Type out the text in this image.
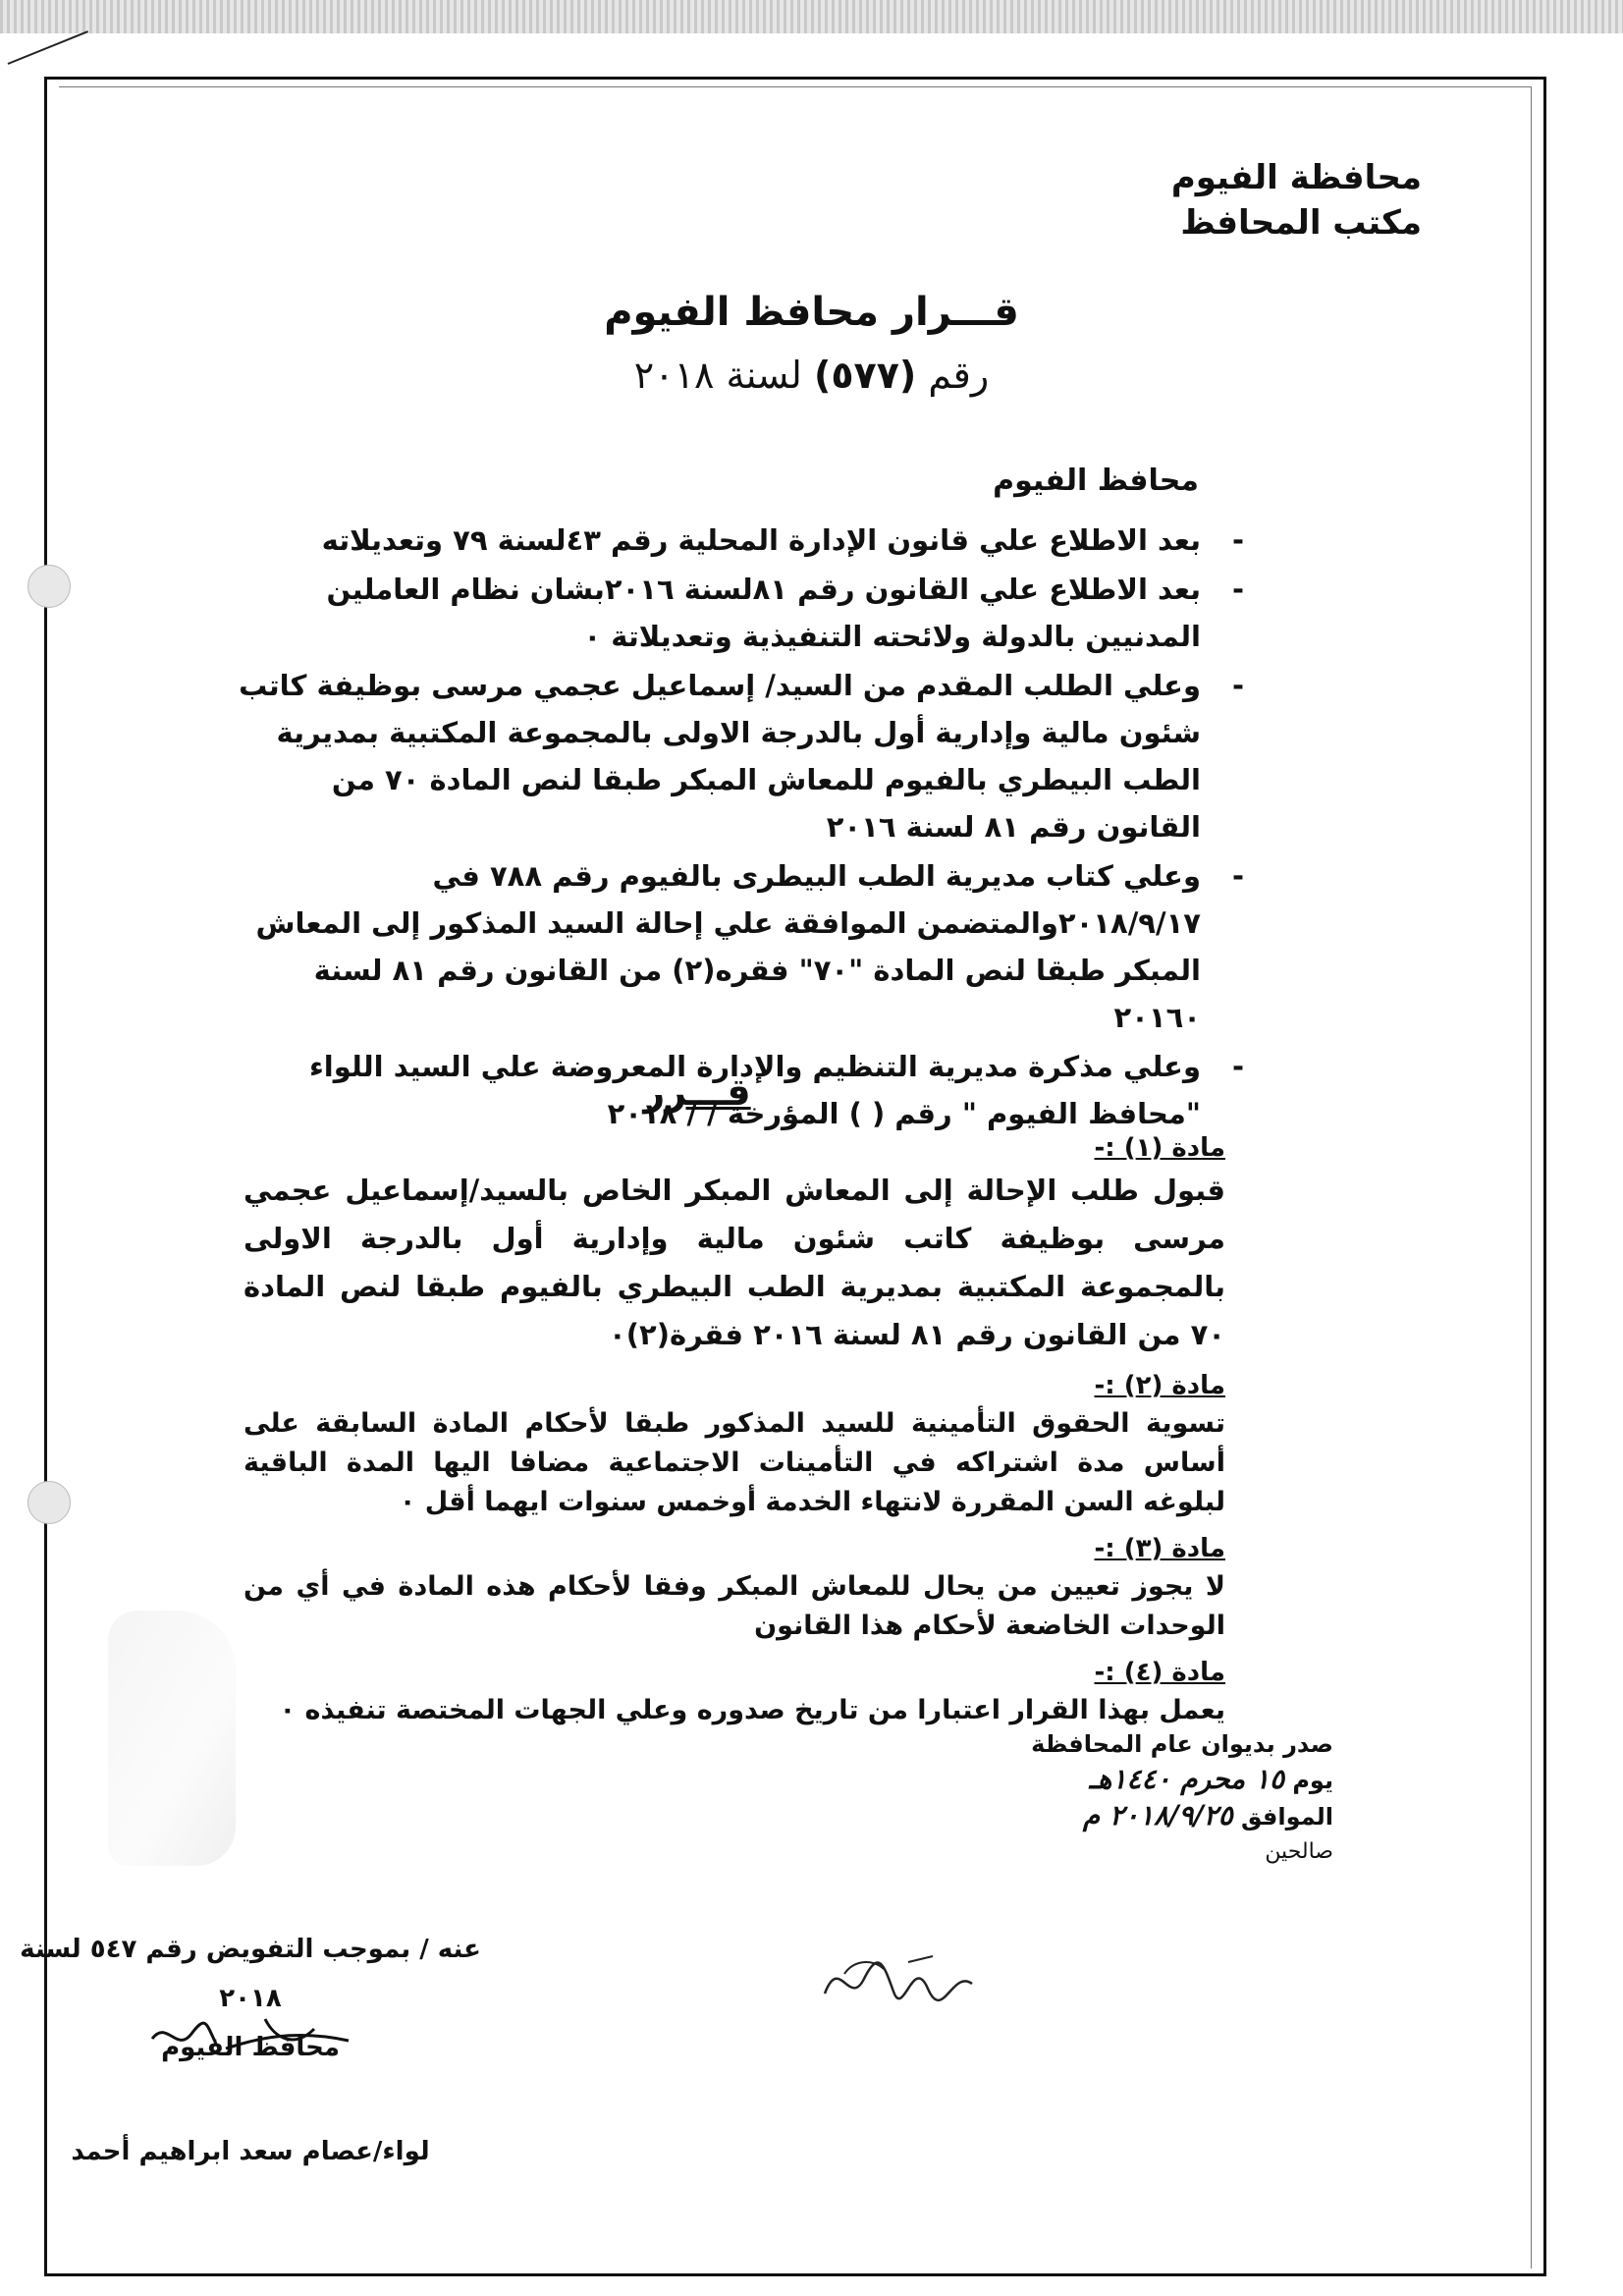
محافظة الفيوم
مكتب المحافظ
قـــرار محافظ الفيوم
رقم (٥٧٧) لسنة ٢٠١٨
محافظ الفيوم
-
بعد الاطلاع علي قانون الإدارة المحلية رقم ٤٣لسنة ٧٩ وتعديلاته
-
بعد الاطلاع علي القانون رقم ٨١لسنة ٢٠١٦بشان نظام العاملين المدنيين بالدولة ولائحته التنفيذية وتعديلاتة ٠
-
وعلي الطلب المقدم من السيد/ إسماعيل عجمي مرسى بوظيفة كاتب شئون مالية وإدارية أول بالدرجة الاولى بالمجموعة المكتبية بمديرية الطب البيطري بالفيوم للمعاش المبكر طبقا لنص المادة ٧٠ من القانون رقم ٨١ لسنة ٢٠١٦
-
وعلي كتاب مديرية الطب البيطرى بالفيوم رقم ٧٨٨ في ٢٠١٨/٩/١٧والمتضمن الموافقة علي إحالة السيد المذكور إلى المعاش المبكر طبقا لنص المادة "٧٠" فقره(٢) من القانون رقم ٨١ لسنة ٢٠١٦٠
-
وعلي مذكرة مديرية التنظيم والإدارة المعروضة علي السيد اللواء "محافظ الفيوم " رقم ( ) المؤرخة / / ٢٠١٨
قـــرر
مادة (١) :-
قبول طلب الإحالة إلى المعاش المبكر الخاص بالسيد/إسماعيل عجمي مرسى بوظيفة كاتب شئون مالية وإدارية أول بالدرجة الاولى بالمجموعة المكتبية بمديرية الطب البيطري بالفيوم طبقا لنص المادة ٧٠ من القانون رقم ٨١ لسنة ٢٠١٦ فقرة(٢)٠
مادة (٢) :-
تسوية الحقوق التأمينية للسيد المذكور طبقا لأحكام المادة السابقة على أساس مدة اشتراكه في التأمينات الاجتماعية مضافا اليها المدة الباقية لبلوغه السن المقررة لانتهاء الخدمة أوخمس سنوات ايهما أقل ٠
مادة (٣) :-
لا يجوز تعيين من يحال للمعاش المبكر وفقا لأحكام هذه المادة في أي من الوحدات الخاضعة لأحكام هذا القانون
مادة (٤) :-
يعمل بهذا القرار اعتبارا من تاريخ صدوره وعلي الجهات المختصة تنفيذه ٠
صدر بديوان عام المحافظة
يوم ١٥ محرم ١٤٤٠هـ
الموافق ٢٠١٨/٩/٢٥ م
صالحين
عنه / بموجب التفويض رقم ٥٤٧ لسنة ٢٠١٨
محافظ الفيوم
لواء/عصام سعد ابراهيم أحمد
